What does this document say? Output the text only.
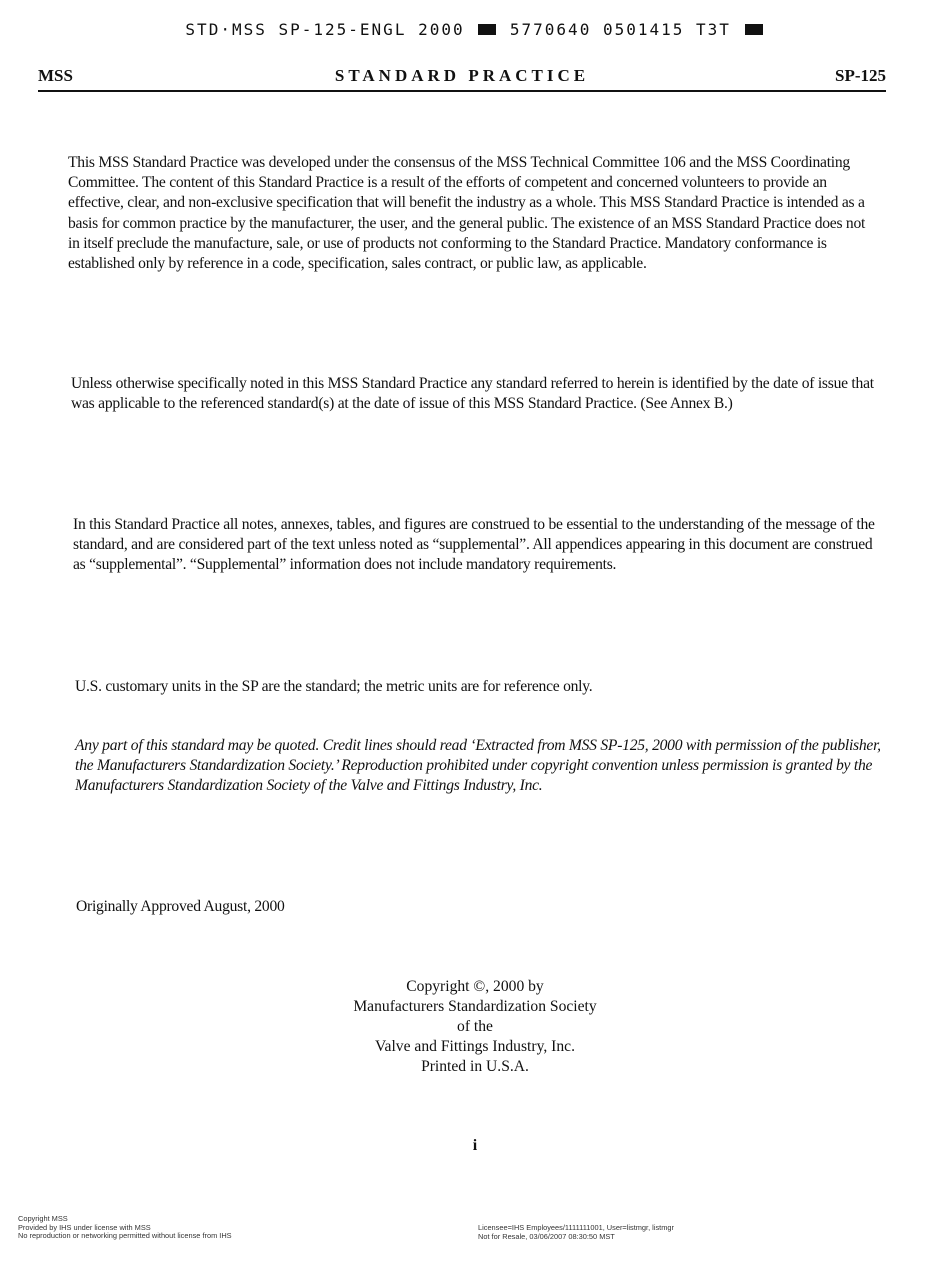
STD·MSS SP-125-ENGL 2000	5770640 0501415 T3T
MSS	STANDARD PRACTICE	SP-125

This MSS Standard Practice was developed under the consensus of the MSS Technical Committee 106 and the MSS Coordinating Committee. The content of this Standard Practice is a result of the efforts of competent and concerned volunteers to provide an effective, clear, and non-exclusive specification that will benefit the industry as a whole. This MSS Standard Practice is intended as a basis for common practice by the manufacturer, the user, and the general public. The existence of an MSS Standard Practice does not in itself preclude the manufacture, sale, or use of products not conforming to the Standard Practice. Mandatory conformance is established only by reference in a code, specification, sales contract, or public law, as applicable.

Unless otherwise specifically noted in this MSS Standard Practice any standard referred to herein is identified by the date of issue that was applicable to the referenced standard(s) at the date of issue of this MSS Standard Practice. (See Annex B.)

In this Standard Practice all notes, annexes, tables, and figures are construed to be essential to the understanding of the message of the standard, and are considered part of the text unless noted as “supplemental”. All appendices appearing in this document are construed as “supplemental”. “Supplemental” information does not include mandatory requirements.

U.S. customary units in the SP are the standard; the metric units are for reference only.

Any part of this standard may be quoted. Credit lines should read ‘Extracted from MSS SP-125, 2000 with permission of the publisher, the Manufacturers Standardization Society.’ Reproduction prohibited under copyright convention unless permission is granted by the Manufacturers Standardization Society of the Valve and Fittings Industry, Inc.

Originally Approved August, 2000

Copyright ©, 2000 by
Manufacturers Standardization Society
of the
Valve and Fittings Industry, Inc.
Printed in U.S.A.
i
Copyright MSS
Provided by IHS under license with MSS
No reproduction or networking permitted without license from IHS
Licensee=IHS Employees/1111111001, User=listmgr, listmgr
Not for Resale, 03/06/2007 08:30:50 MST
